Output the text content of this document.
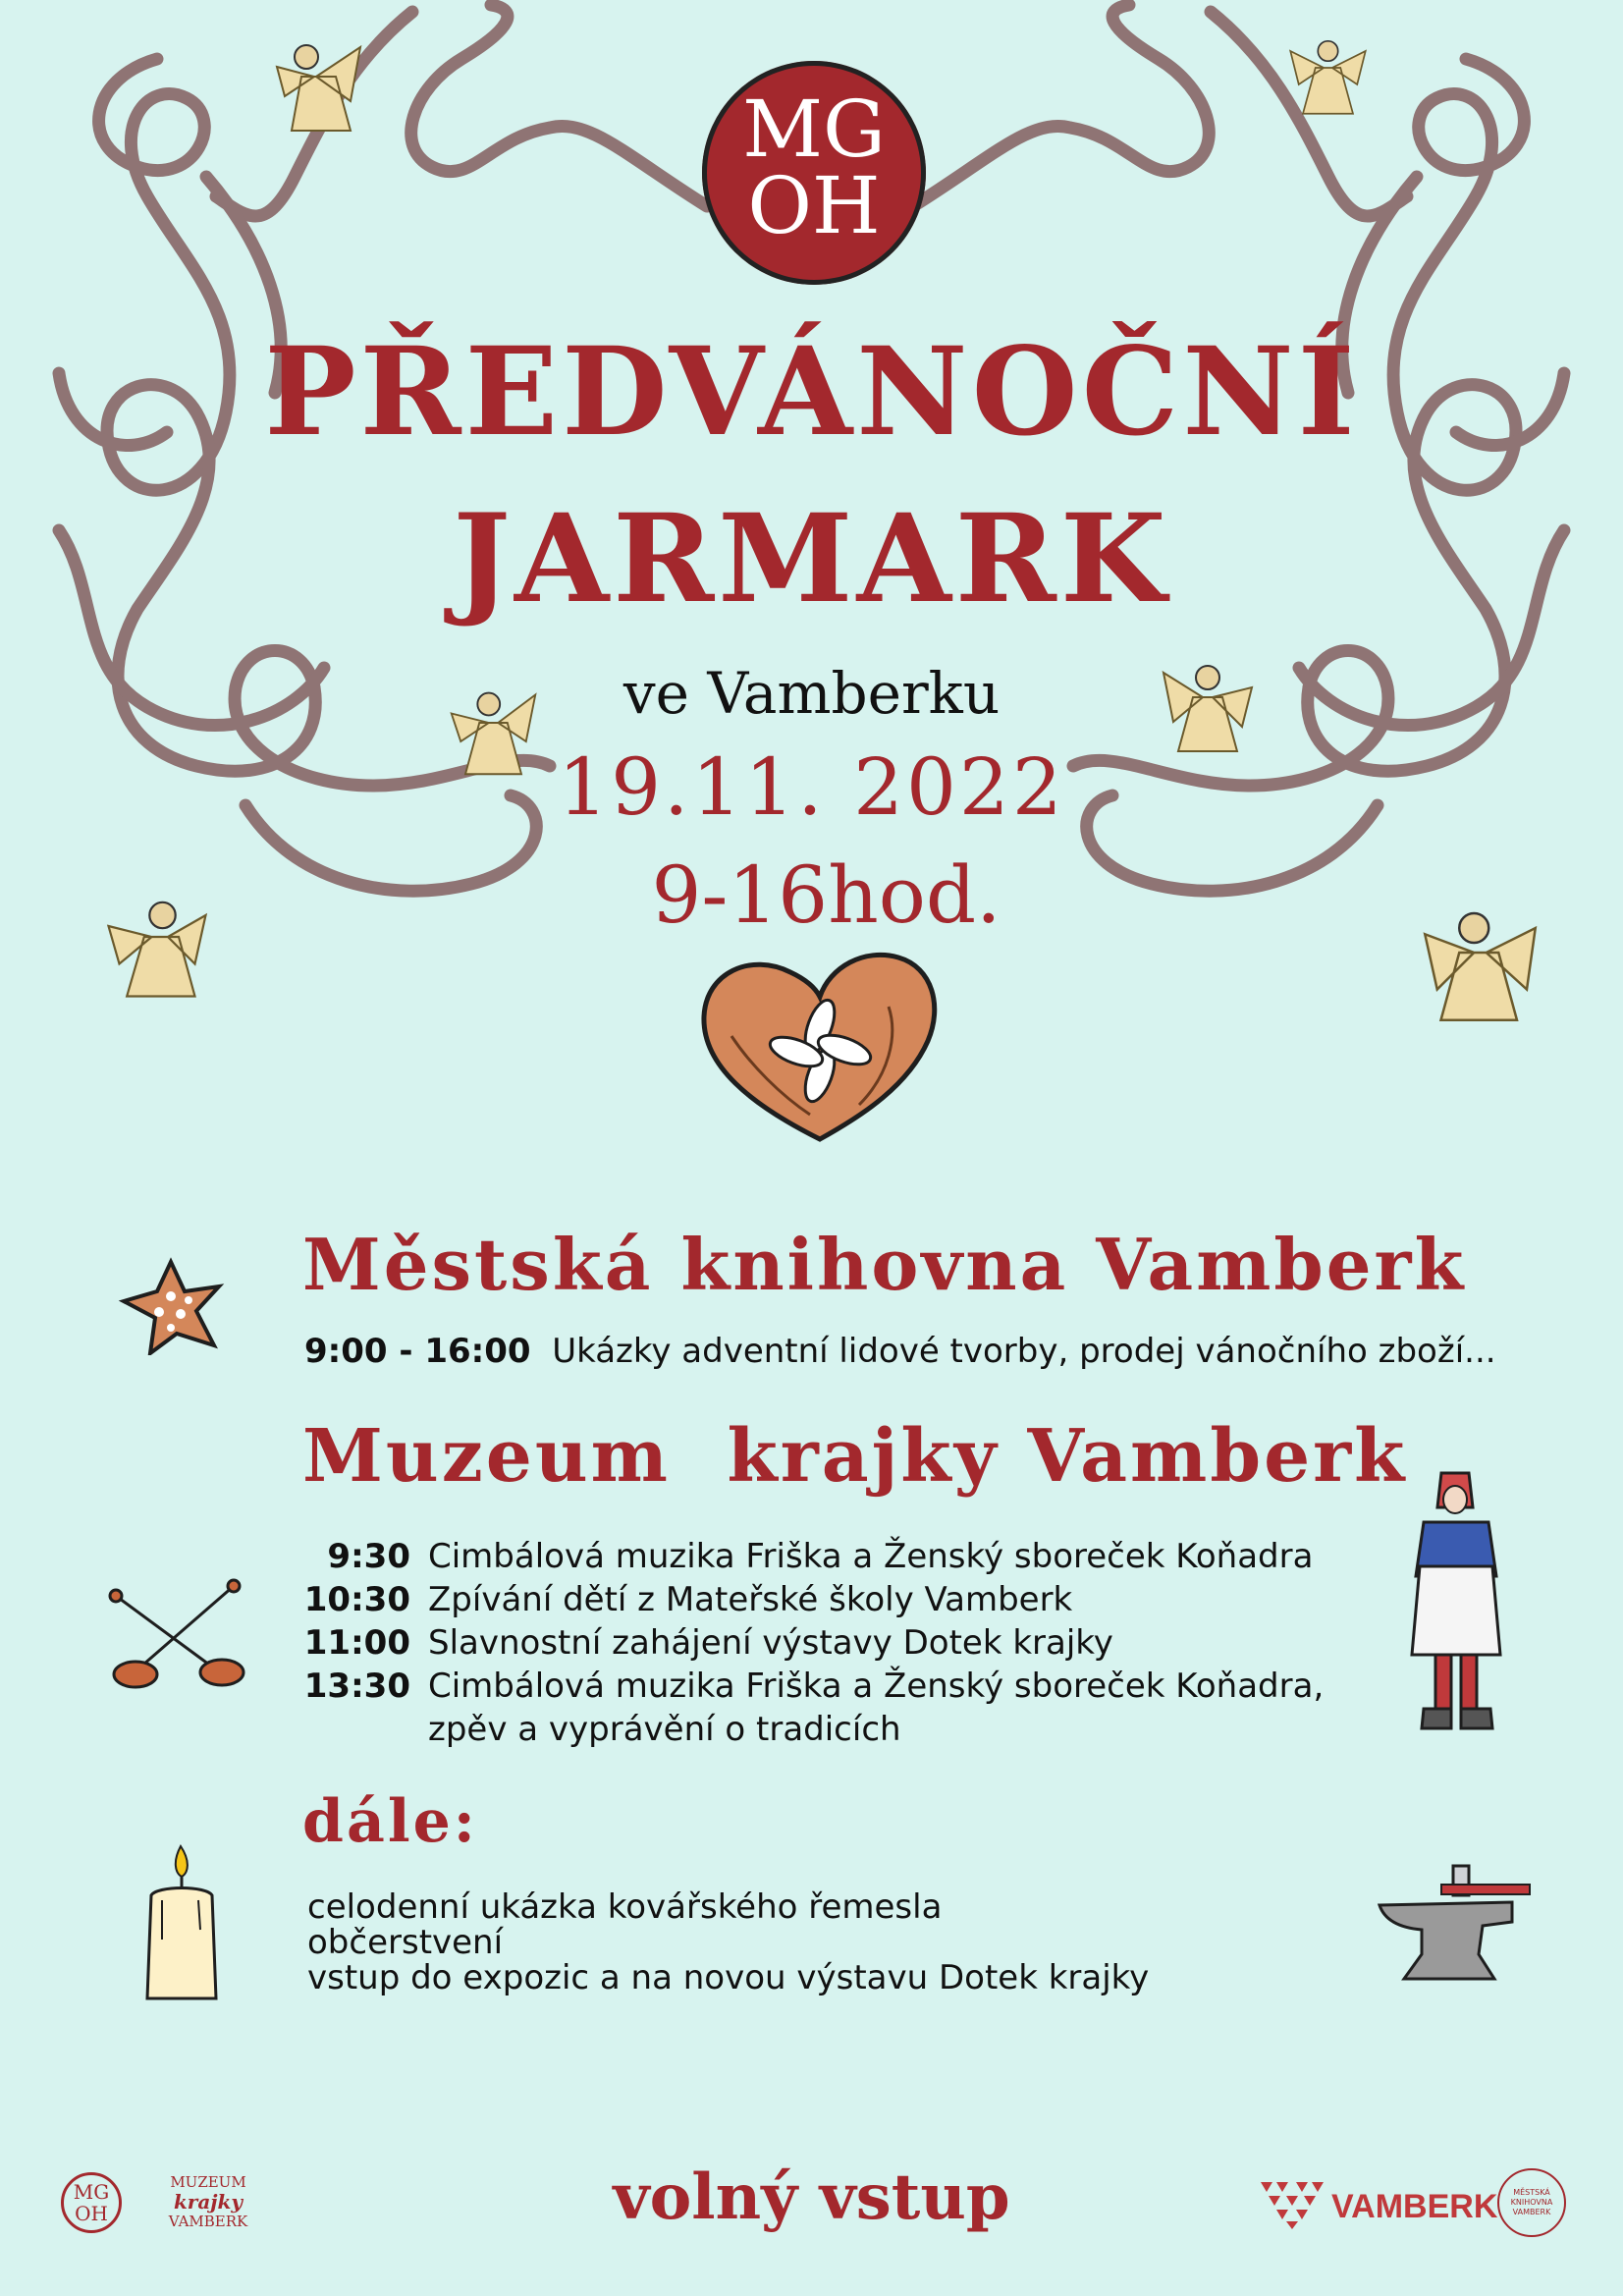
MG
OH
PŘEDVÁNOČNÍ
JARMARK
ve Vamberku
19.11. 2022
9-16hod.
Městská knihovna Vamberk
9:00 - 16:00 Ukázky adventní lidové tvorby, prodej vánočního zboží...
Muzeum  krajky Vamberk
9:30 Cimbálová muzika Friška a Ženský sboreček Koňadra
10:30 Zpívání dětí z Mateřské školy Vamberk
11:00 Slavnostní zahájení výstavy Dotek krajky
13:30 Cimbálová muzika Friška a Ženský sboreček Koňadra,
zpěv a vyprávění o tradicích
dále:
celodenní ukázka kovářského řemesla
občerstvení
vstup do expozic a na novou výstavu Dotek krajky
MG
OH
MUZEUM
krajky
VAMBERK	volný vstup	VAMBERK	MĚSTSKÁ KNIHOVNA VAMBERK
